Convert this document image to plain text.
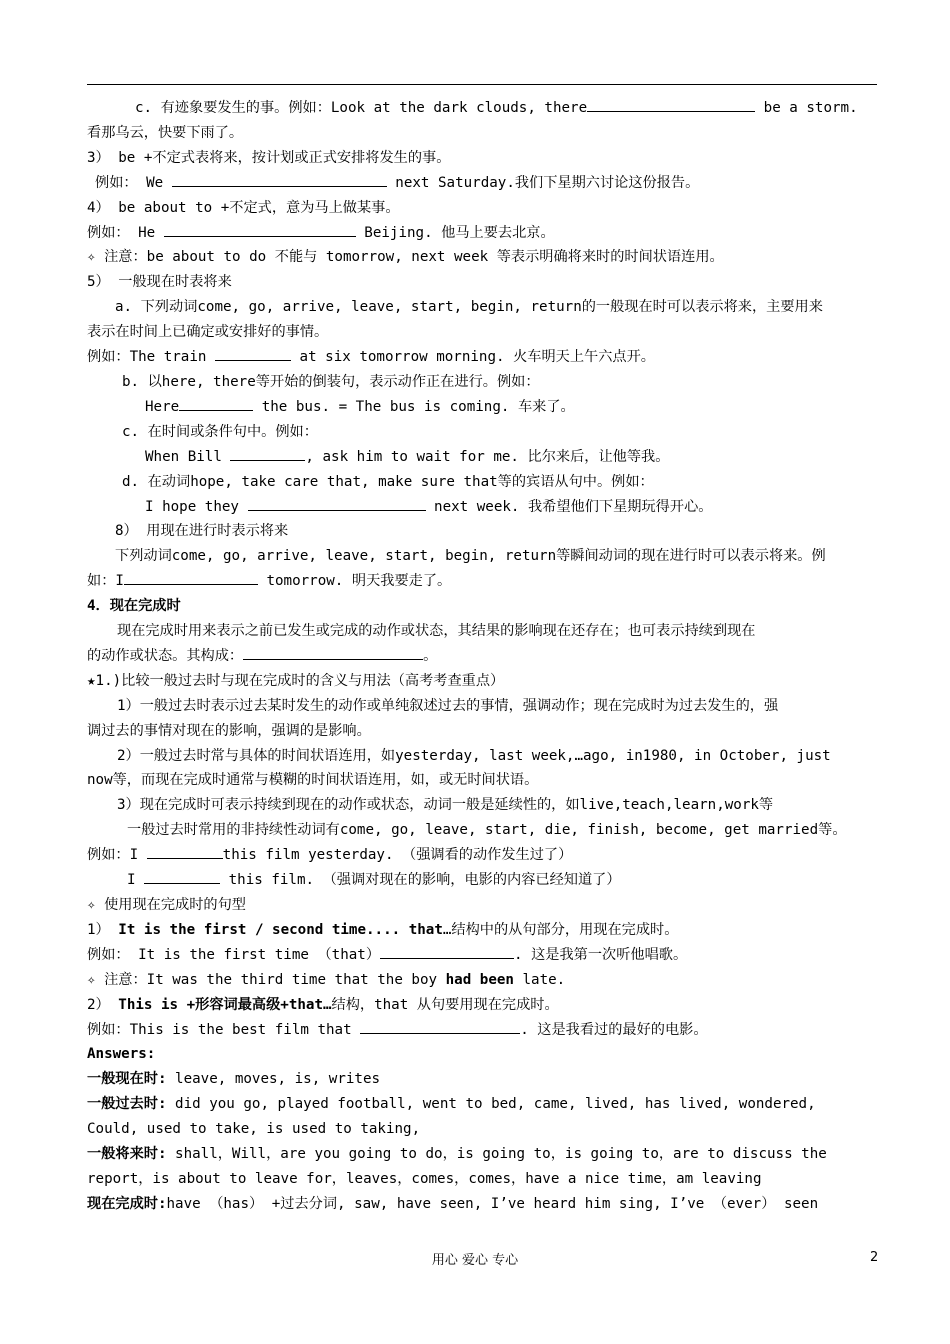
c. 有迹象要发生的事。例如：Look at the dark clouds, there	be a storm.
看那乌云，快要下雨了。
3） be +不定式表将来，按计划或正式安排将发生的事。
例如： We	next Saturday.我们下星期六讨论这份报告。
4） be about to +不定式，意为马上做某事。
例如： He	Beijing. 他马上要去北京。
✧ 注意：be about to do 不能与 tomorrow, next week 等表示明确将来时的时间状语连用。
5） 一般现在时表将来
a. 下列动词come, go, arrive, leave, start, begin, return的一般现在时可以表示将来，主要用来
表示在时间上已确定或安排好的事情。
例如：The train	at six tomorrow morning. 火车明天上午六点开。
b. 以here, there等开始的倒装句，表示动作正在进行。例如：
Here	the bus. = The bus is coming. 车来了。
c. 在时间或条件句中。例如：
When Bill	, ask him to wait for me. 比尔来后，让他等我。
d. 在动词hope, take care that, make sure that等的宾语从句中。例如：
I hope they	next week. 我希望他们下星期玩得开心。
8） 用现在进行时表示将来
下列动词come, go, arrive, leave, start, begin, return等瞬间动词的现在进行时可以表示将来。例
如：I	tomorrow. 明天我要走了。
4．现在完成时
现在完成时用来表示之前已发生或完成的动作或状态，其结果的影响现在还存在；也可表示持续到现在
的动作或状态。其构成：	。
★1.)比较一般过去时与现在完成时的含义与用法（高考考查重点）
1）一般过去时表示过去某时发生的动作或单纯叙述过去的事情，强调动作；现在完成时为过去发生的，强
调过去的事情对现在的影响，强调的是影响。
2）一般过去时常与具体的时间状语连用，如yesterday, last week,…ago, in1980, in October, just
now等，而现在完成时通常与模糊的时间状语连用，如，或无时间状语。
3）现在完成时可表示持续到现在的动作或状态，动词一般是延续性的，如live,teach,learn,work等
一般过去时常用的非持续性动词有come, go, leave, start, die, finish, become, get married等。
例如：I	this film yesterday. （强调看的动作发生过了）
I	this film. （强调对现在的影响，电影的内容已经知道了）
✧ 使用现在完成时的句型
1） It is the first / second time.... that…结构中的从句部分，用现在完成时。
例如： It is the first time （that）	. 这是我第一次听他唱歌。
✧ 注意：It was the third time that the boy had been late.
2） This is +形容词最高级+that…结构，that 从句要用现在完成时。
例如：This is the best film that	. 这是我看过的最好的电影。
Answers:
一般现在时: leave, moves, is, writes
一般过去时: did you go, played football, went to bed, came, lived, has lived, wondered,
Could, used to take, is used to taking,
一般将来时: shall，Will，are you going to do，is going to，is going to，are to discuss the
report，is about to leave for，leaves，comes，comes，have a nice time，am leaving
现在完成时:have （has） +过去分词, saw, have seen, I’ve heard him sing, I’ve （ever） seen
用心 爱心 专心	2
